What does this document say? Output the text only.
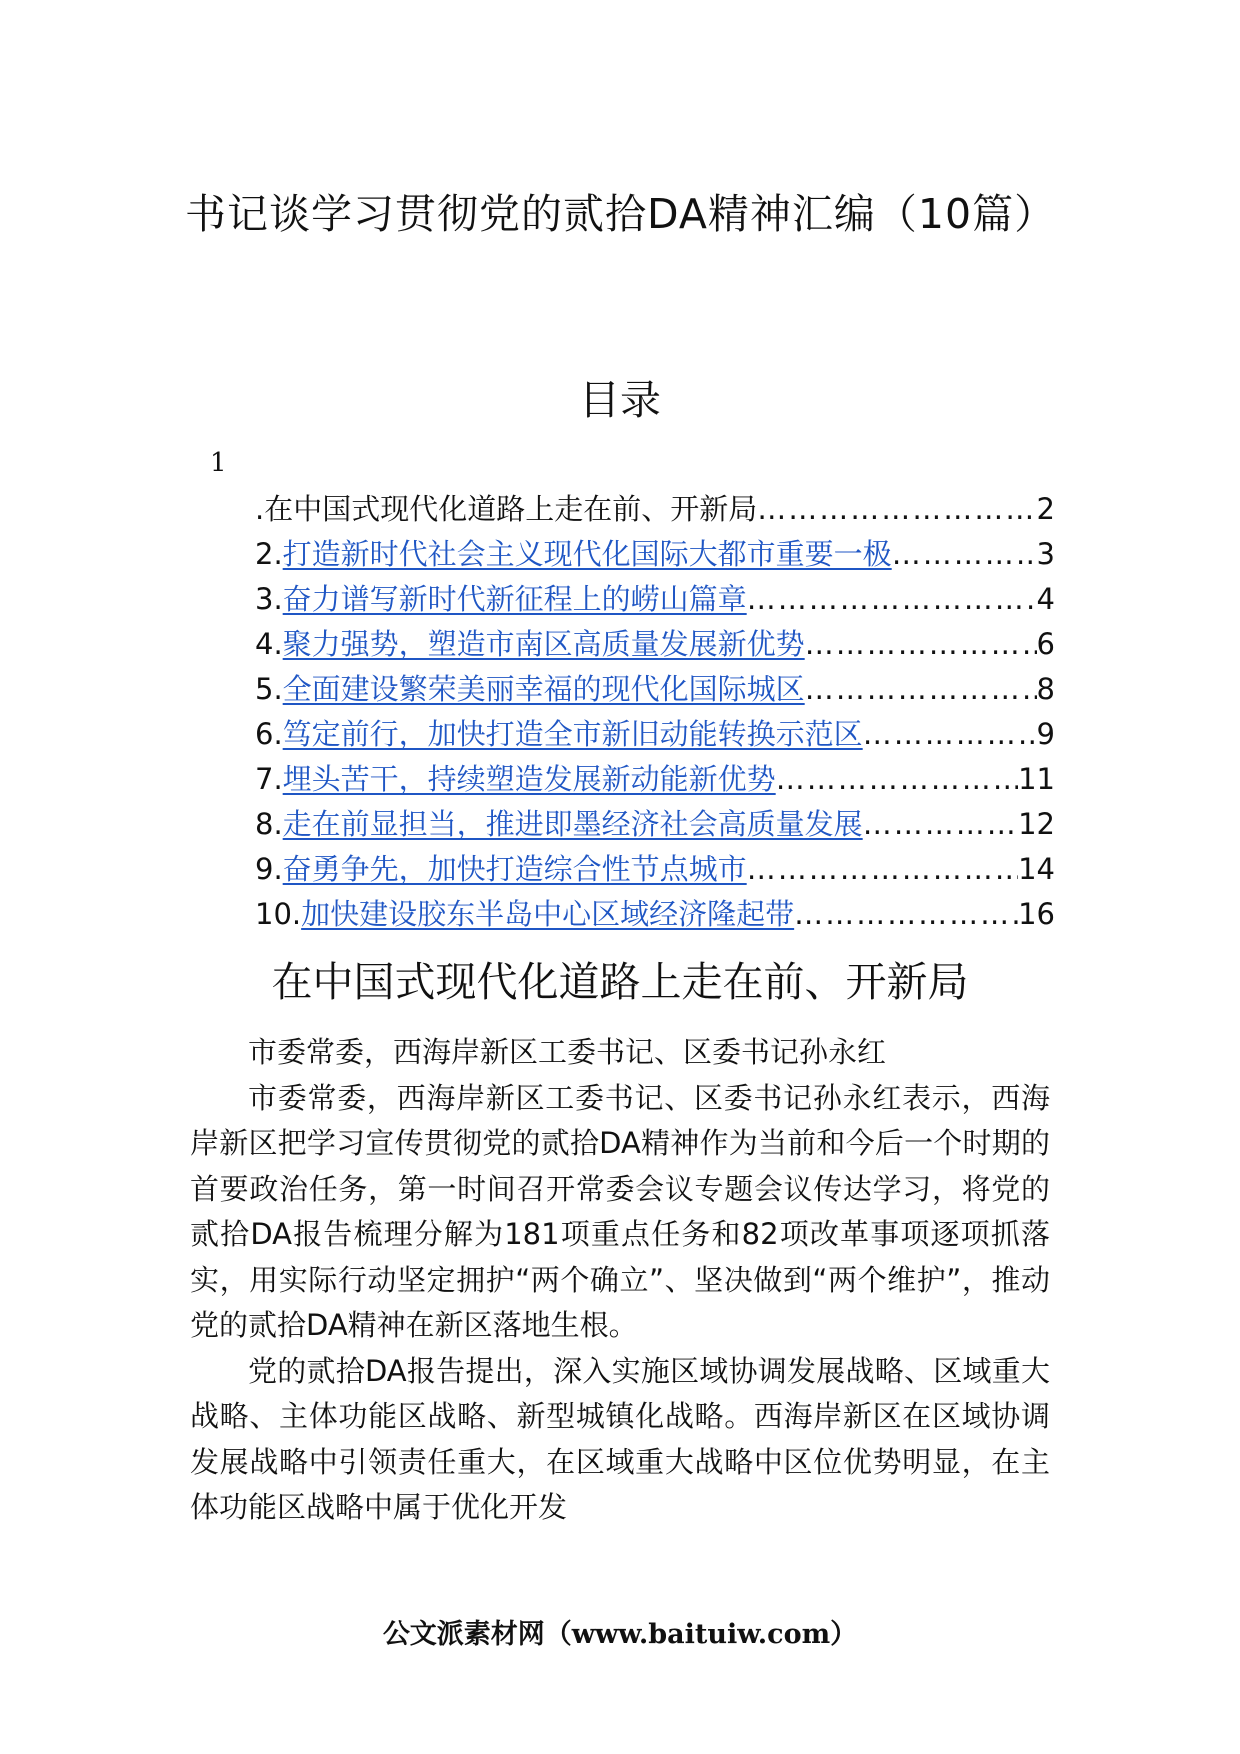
书记谈学习贯彻党的贰拾DA精神汇编（10篇）
目录
1
.在中国式现代化道路上走在前、开新局 …………………………………………………………………………………	2
2. 打造新时代社会主义现代化国际大都市重要一极 …………………………………………………………………………………	3
3. 奋力谱写新时代新征程上的崂山篇章 …………………………………………………………………………………	4
4. 聚力强势，塑造市南区高质量发展新优势 …………………………………………………………………………………	6
5. 全面建设繁荣美丽幸福的现代化国际城区 …………………………………………………………………………………	8
6. 笃定前行，加快打造全市新旧动能转换示范区 …………………………………………………………………………………	9
7. 埋头苦干，持续塑造发展新动能新优势 …………………………………………………………………………………	11
8. 走在前显担当，推进即墨经济社会高质量发展 …………………………………………………………………………………	12
9. 奋勇争先，加快打造综合性节点城市 …………………………………………………………………………………	14
10. 加快建设胶东半岛中心区域经济隆起带 …………………………………………………………………………………	16
在中国式现代化道路上走在前、开新局

市委常委，西海岸新区工委书记、区委书记孙永红

市委常委，西海岸新区工委书记、区委书记孙永红表示，西海岸新区把学习宣传贯彻党的贰拾DA精神作为当前和今后一个时期的首要政治任务，第一时间召开常委会议专题会议传达学习，将党的贰拾DA报告梳理分解为181项重点任务和82项改革事项逐项抓落实，用实际行动坚定拥护“两个确立”、坚决做到“两个维护”，推动党的贰拾DA精神在新区落地生根。

党的贰拾DA报告提出，深入实施区域协调发展战略、区域重大战略、主体功能区战略、新型城镇化战略。西海岸新区在区域协调发展战略中引领责任重大，在区域重大战略中区位优势明显，在主体功能区战略中属于优化开发

公文派素材网（www.baituiw.com）
